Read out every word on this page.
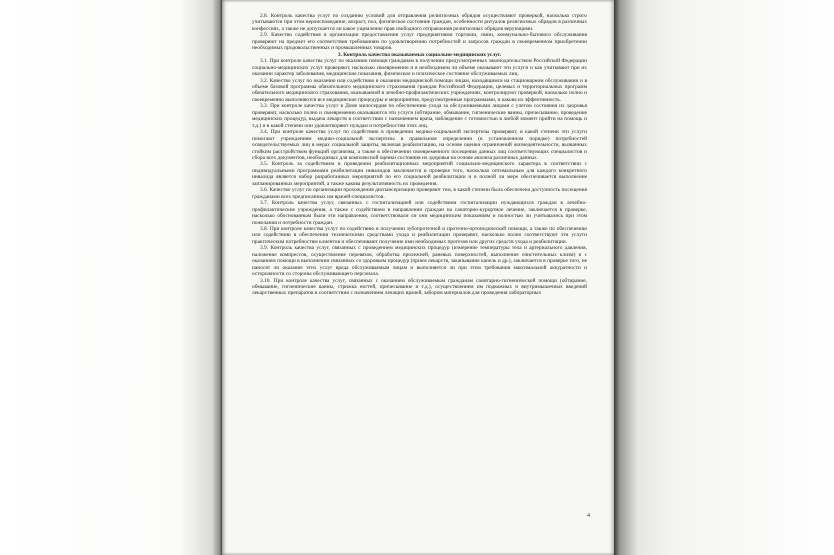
2.8. Контроль качества услуг по созданию условий для отправления религиозных обрядов осуществляют проверкой, насколько строго учитываются при этом вероисповедание, возраст, пол, физическое состояние граждан, особенности ритуалов религиозных обрядов в различных конфессиях, а также не допускается ли какое ущемление прав свободного отправления религиозных обрядов верующими.

2.9. Качество содействия в организации предоставления услуг предприятиями торговли, связи, коммунально-бытового обслуживания проверяют на предмет его соответствия требованиям по удовлетворению потребностей и запросов граждан в своевременном приобретении необходимых продовольственных и промышленных товаров.

3. Контроль качества оказываемых социально-медицинских услуг.

3.1. При контроле качества услуг по оказанию помощи гражданам в получении предусмотренных законодательством Российской Федерации социально-медицинских услуг проверяют, насколько своевременно и в необходимом ли объеме оказывают эти услуги и как учитывают при их оказании характер заболевания, медицинские показания, физическое и психическое состояние обслуживаемых лиц.

3.2. Качество услуг по оказанию или содействию в оказании медицинской помощи лицам, находящимся на стационарном обслуживании и в объеме базовой программы обязательного медицинского страхования граждан Российской Федерации, целевых и территориальных программ обязательного медицинского страхования, оказываемой в лечебно-профилактических учреждениях, контролируют проверкой, насколько полно и своевременно выполняются все медицинские процедуры и мероприятия, предусмотренные программами, и какова их эффективность.

3.3. При контроле качества услуг в Доме милосердия по обеспечению ухода за обслуживаемыми лицами с учетом состояния их здоровья проверяют, насколько полно и своевременно оказываются эти услуги (обтирание, обмывание, гигиенические ванны, причесывание, проведение медицинских процедур, выдача лекарств в соответствии с назначением врача, наблюдение с готовностью в любой момент прийти на помощь и т.д.) и в какой степени они удовлетворяют нуждам и потребностям этих лиц.

3.4. При контроле качества услуг по содействию в проведении медико-социальной экспертизы проверяют, в какой степени эти услуги помогают учреждениям медико-социальной экспертизы в правильном определении (в установленном порядке) потребностей освидетельствуемых лиц в мерах социальной защиты, включая реабилитацию, на основе оценки ограничений жизнедеятельности, вызванных стойким расстройством функций организма, а также в обеспечении своевременного посещения данных лиц соответствующих специалистов и сбора всех документов, необходимых для комплексной оценки состояния их здоровья на основе анализа различных данных.

3.5. Контроль за содействием в проведении реабилитационных мероприятий социально-медицинского характера в соответствии с индивидуальными программами реабилитации инвалидов заключается в проверке того, насколько оптимальным для каждого конкретного инвалида является набор разработанных мероприятий по его социальной реабилитации и в полной ли мере обеспечивается выполнение запланированных мероприятий, а также какова результативность их проведения.

3.6. Качество услуг по организации прохождения диспансеризации проверяют тем, в какой степени была обеспечена доступность посещения гражданами всех предписанных им врачей-специалистов.

3.7. Контроль качества услуг, связанных с госпитализацией или содействием госпитализации нуждающихся граждан в лечебно-профилактические учреждения, а также с содействием в направлении граждан на санаторно-курортное лечение, заключается в проверке, насколько обоснованным были эти направления, соответствовали ли они медицинским показаниям и полностью ли учитывались при этом пожелания и потребности граждан.

3.8. При контроле качества услуг по содействию в получении зубопротезной и протезно-ортопедической помощи, а также по обеспечению или содействию в обеспечении техническими средствами ухода и реабилитации проверяют, насколько полно соответствуют эти услуги практическим потребностям клиентов и обеспечивают получение ими необходимых протезов или других средств ухода и реабилитации.

3.9. Контроль качества услуг, связанных с проведением медицинских процедур (измерение температуры тела и артериального давления, наложение компрессов, осуществление перевязок, обработка пролежней, раневых поверхностей, выполнение очистительных клизм) и с оказанием помощи в выполнении связанных со здоровьем процедур (прием лекарств, закапывание капель и др.), заключается в проверке того, не наносят ли оказание этих услуг вреда обслуживаемым лицам и выполняется ли при этом требования максимальной аккуратности и осторожности со стороны обслуживающего персонала.

3.10. При контроле качества услуг, связанных с оказанием обслуживаемым гражданам санитарно-гигиенической помощи (обтирание, обмывание, гигиенические ванны, стрижка ногтей, причесывание и т.д.), осуществлением им подкожных и внутримышечных введений лекарственных препаратов в соответствии с назначением лечащих врачей, забором материалов для проведения лабораторных

4
